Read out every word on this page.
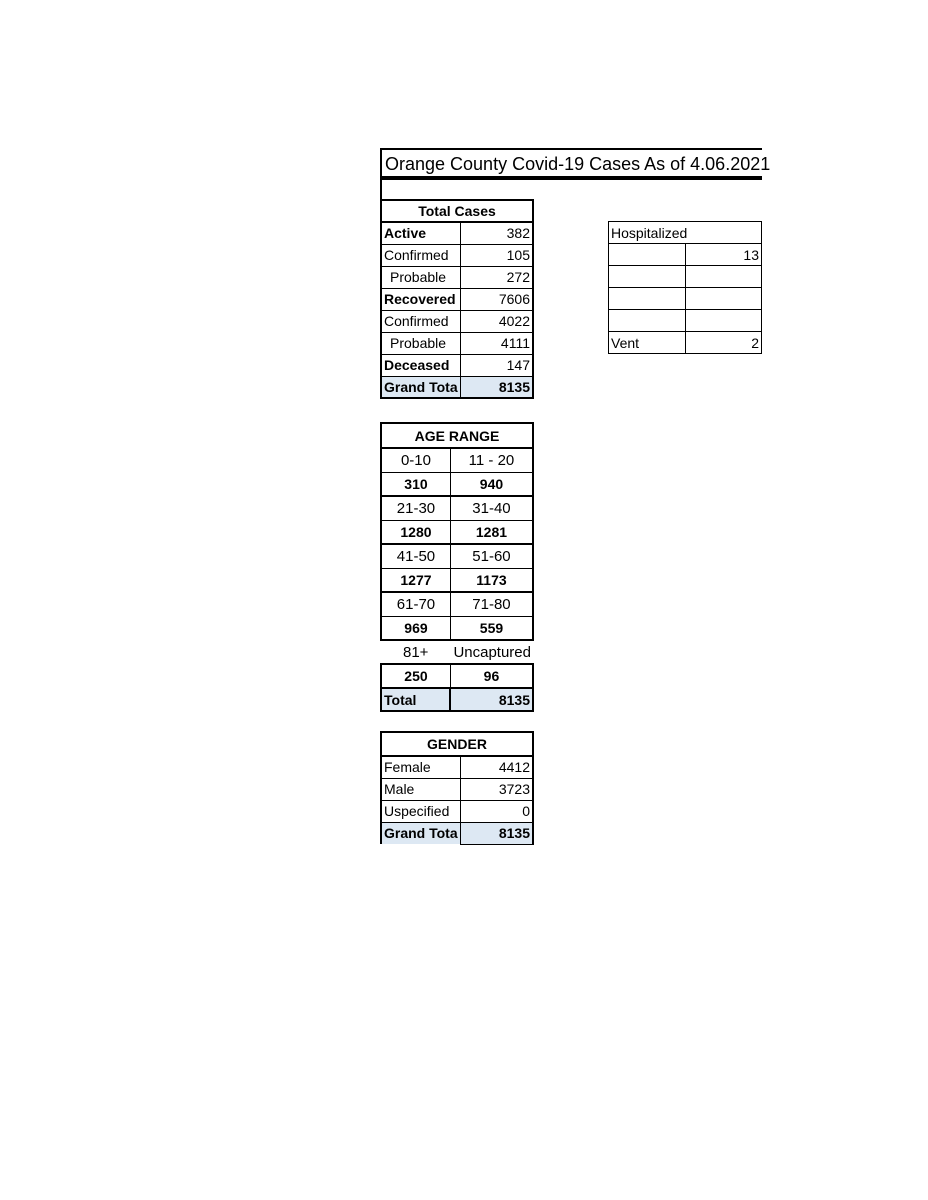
Orange County Covid-19 Cases As of 4.06.2021
Total Cases	
Active	382
Confirmed	105
Probable	272
Recovered	7606
Confirmed	4022
Probable	4111
Deceased	147
Grand Tota	8135
Hospitalized	
	13

Vent	2
AGE RANGE	
0-10	11 - 20
310	940
21-30	31-40
1280	1281
41-50	51-60
1277	1173
61-70	71-80
969	559
81+	Uncaptured
250	96
Total	8135
GENDER	
Female	4412
Male	3723
Uspecified	0
Grand Tota	8135
